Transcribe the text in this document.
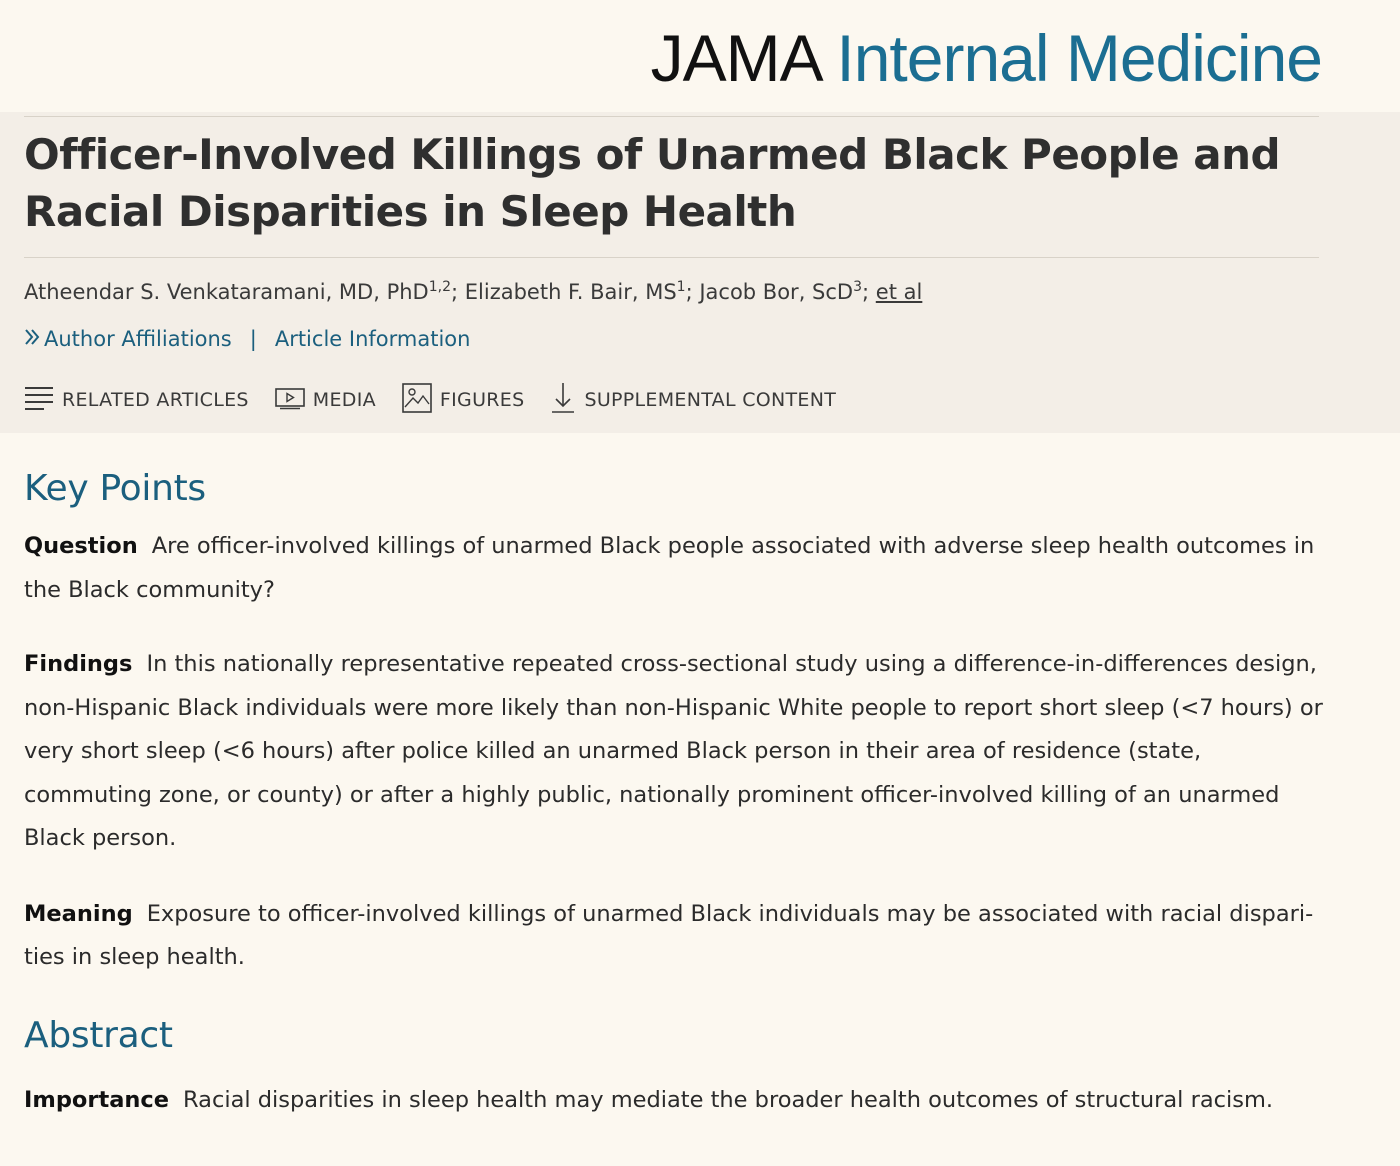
JAMA Internal Medicine
Officer-Involved Killings of Unarmed Black People and Racial Disparities in Sleep Health
Atheendar S. Venkataramani, MD, PhD$^{1,2}$; Elizabeth F. Bair, $MS^1$; Jacob Bor, ScD$^3$; et al
Author Affiliations | Article Information
RELATED ARTICLES	MEDIA	FIGURES	SUPPLEMENTAL CONTENT
Key Points

Question Are officer-involved killings of unarmed Black people associated with adverse sleep health outcomes in the Black community?

Findings In this nationally representative repeated cross-sectional study using a difference-in-differences design, non-Hispanic Black individuals were more likely than non-Hispanic White people to report short sleep (<7 hours) or very short sleep (<6 hours) after police killed an unarmed Black person in their area of residence (state, commuting zone, or county) or after a highly public, nationally prominent officer-involved killing of an unarmed Black person.

Meaning Exposure to officer-involved killings of unarmed Black individuals may be associated with racial disparities in sleep health.

Abstract

Importance Racial disparities in sleep health may mediate the broader health outcomes of structural racism.
